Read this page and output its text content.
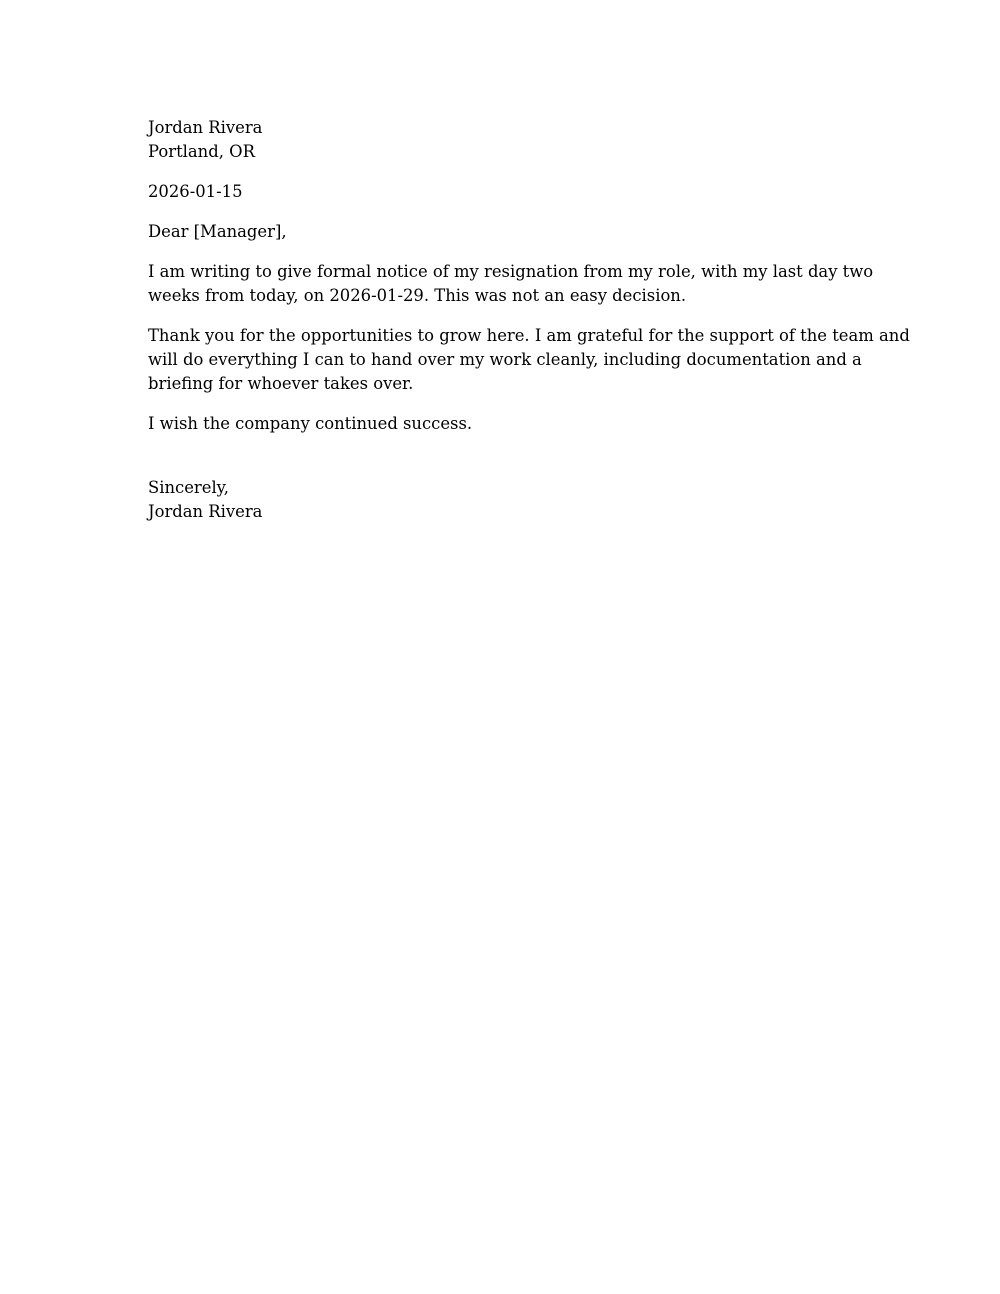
Jordan Rivera
Portland, OR
2026-01-15
Dear [Manager],
I am writing to give formal notice of my resignation from my role, with my last day two
weeks from today, on 2026-01-29. This was not an easy decision.
Thank you for the opportunities to grow here. I am grateful for the support of the team and
will do everything I can to hand over my work cleanly, including documentation and a
briefing for whoever takes over.
I wish the company continued success.
Sincerely,
Jordan Rivera
